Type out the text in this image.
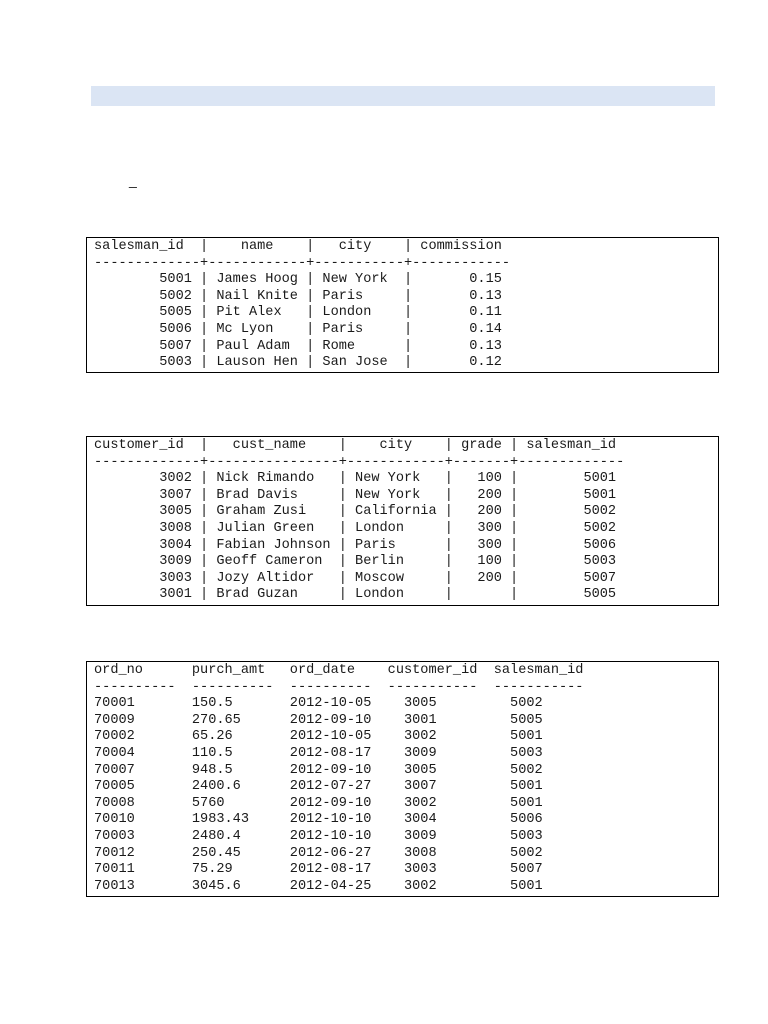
_
salesman_id  |    name    |   city    | commission
-------------+------------+-----------+------------
5001 | James Hoog | New York  |       0.15
5002 | Nail Knite | Paris     |       0.13
5005 | Pit Alex   | London    |       0.11
5006 | Mc Lyon    | Paris     |       0.14
5007 | Paul Adam  | Rome      |       0.13
5003 | Lauson Hen | San Jose  |       0.12
customer_id  |   cust_name    |    city    | grade | salesman_id
-------------+----------------+------------+-------+-------------
3002 | Nick Rimando   | New York   |   100 |        5001
3007 | Brad Davis     | New York   |   200 |        5001
3005 | Graham Zusi    | California |   200 |        5002
3008 | Julian Green   | London     |   300 |        5002
3004 | Fabian Johnson | Paris      |   300 |        5006
3009 | Geoff Cameron  | Berlin     |   100 |        5003
3003 | Jozy Altidor   | Moscow     |   200 |        5007
3001 | Brad Guzan     | London     |       |        5005
ord_no      purch_amt   ord_date    customer_id  salesman_id
----------  ----------  ----------  -----------  -----------
70001       150.5       2012-10-05    3005         5002
70009       270.65      2012-09-10    3001         5005
70002       65.26       2012-10-05    3002         5001
70004       110.5       2012-08-17    3009         5003
70007       948.5       2012-09-10    3005         5002
70005       2400.6      2012-07-27    3007         5001
70008       5760        2012-09-10    3002         5001
70010       1983.43     2012-10-10    3004         5006
70003       2480.4      2012-10-10    3009         5003
70012       250.45      2012-06-27    3008         5002
70011       75.29       2012-08-17    3003         5007
70013       3045.6      2012-04-25    3002         5001
